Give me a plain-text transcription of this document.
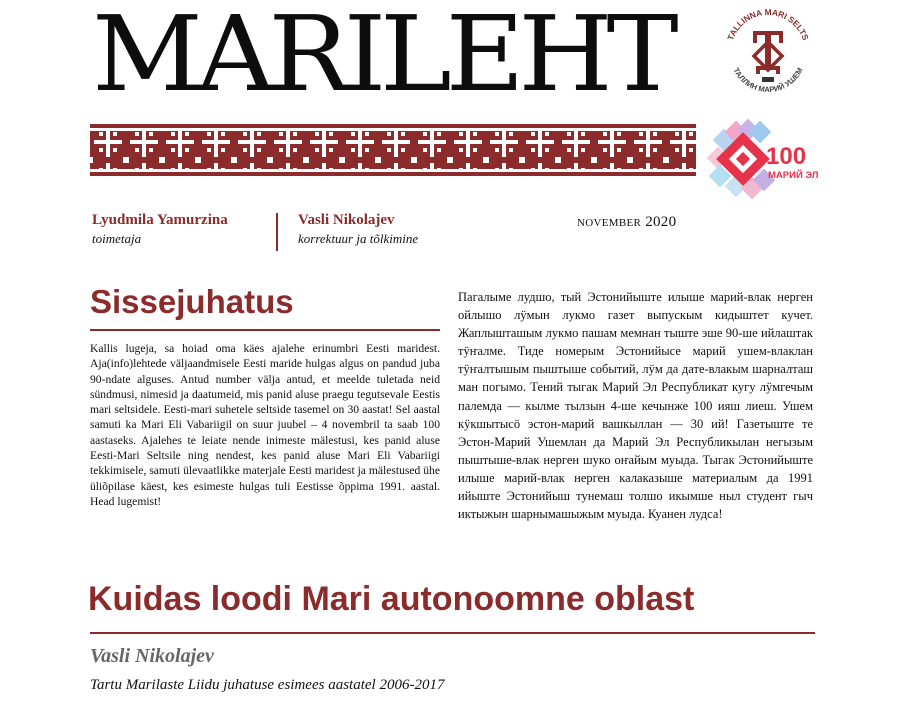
MARILEHT	TALLINNA MARI SELTS
ТАЛЛИН МАРИЙ УШЕМ
100
МАРИЙ ЭЛ
Lyudmila Yamurzina
toimetaja
Vasli Nikolajev
korrektuur ja tõlkimine
november 2020
Sissejuhatus
Kallis lugeja, sa hoiad oma käes ajalehe erinumbri Eesti maridest. Aja(info)lehtede väljaandmisele Eesti marіde hulgas algus on pandud juba 90-ndate alguses. Antud number välja antud, et meelde tuletada neid sündmusi, nimesid ja daatumeid, mis panid aluse praegu tegutsevale Eestis mari seltsidele. Eesti-mari suhetele seltside tasemel on 30 aastat! Sel aastal samuti ka Mari Eli Vabariigil on suur juubel – 4 novembril ta saab 100 aastaseks. Ajalehes te leiate nende inimeste mälestusi, kes panid aluse Eesti-Mari Seltsile ning nendest, kes panid aluse Mari Eli Vabariigi tekkimisele, samuti ülevaatlikke materjale Eesti maridest ja mälestused ühe üliõpilase käest, kes esimeste hulgas tuli Eestisse õppima 1991. aastal. Head lugemist!
Пагалыме лудшо, тый Эстонийыште илыше марий-влак нерген ойлышо лӱмын лукмо газет выпускым кидыштет кучет. Жаплышташым лукмо пашам мемнан тыште эше 90-ше ийлаштак тӱҥалме. Тиде номерым Эстонийысе марий ушем-влаклан тӱҥалтышым пыштыше событий, лӱм да дате-влакым шарналташ ман погымо. Тений тыгак Марий Эл Республикат кугу лӱмгечым палемда — кылме тылзын 4-ше кечынже 100 ияш лиеш. Ушем кӱкшытысӧ эстон-марий вашкыллан — 30 ий! Газетыште те Эстон-Марий Ушемлан да Марий Эл Республикылан негызым пыштыше-влак нерген шуко оҥайым муыда. Тыгак Эстонийыште илыше марий-влак нерген калаказыше материалым да 1991 ийыште Эстонийыш тунемаш толшо икымше ныл студент гыч иктыжын шарнымашыжым муыда. Куанен лудса!
Kuidas loodi Mari autonoomne oblast
Vasli Nikolajev
Tartu Marilaste Liidu juhatuse esimees aastatel 2006-2017
